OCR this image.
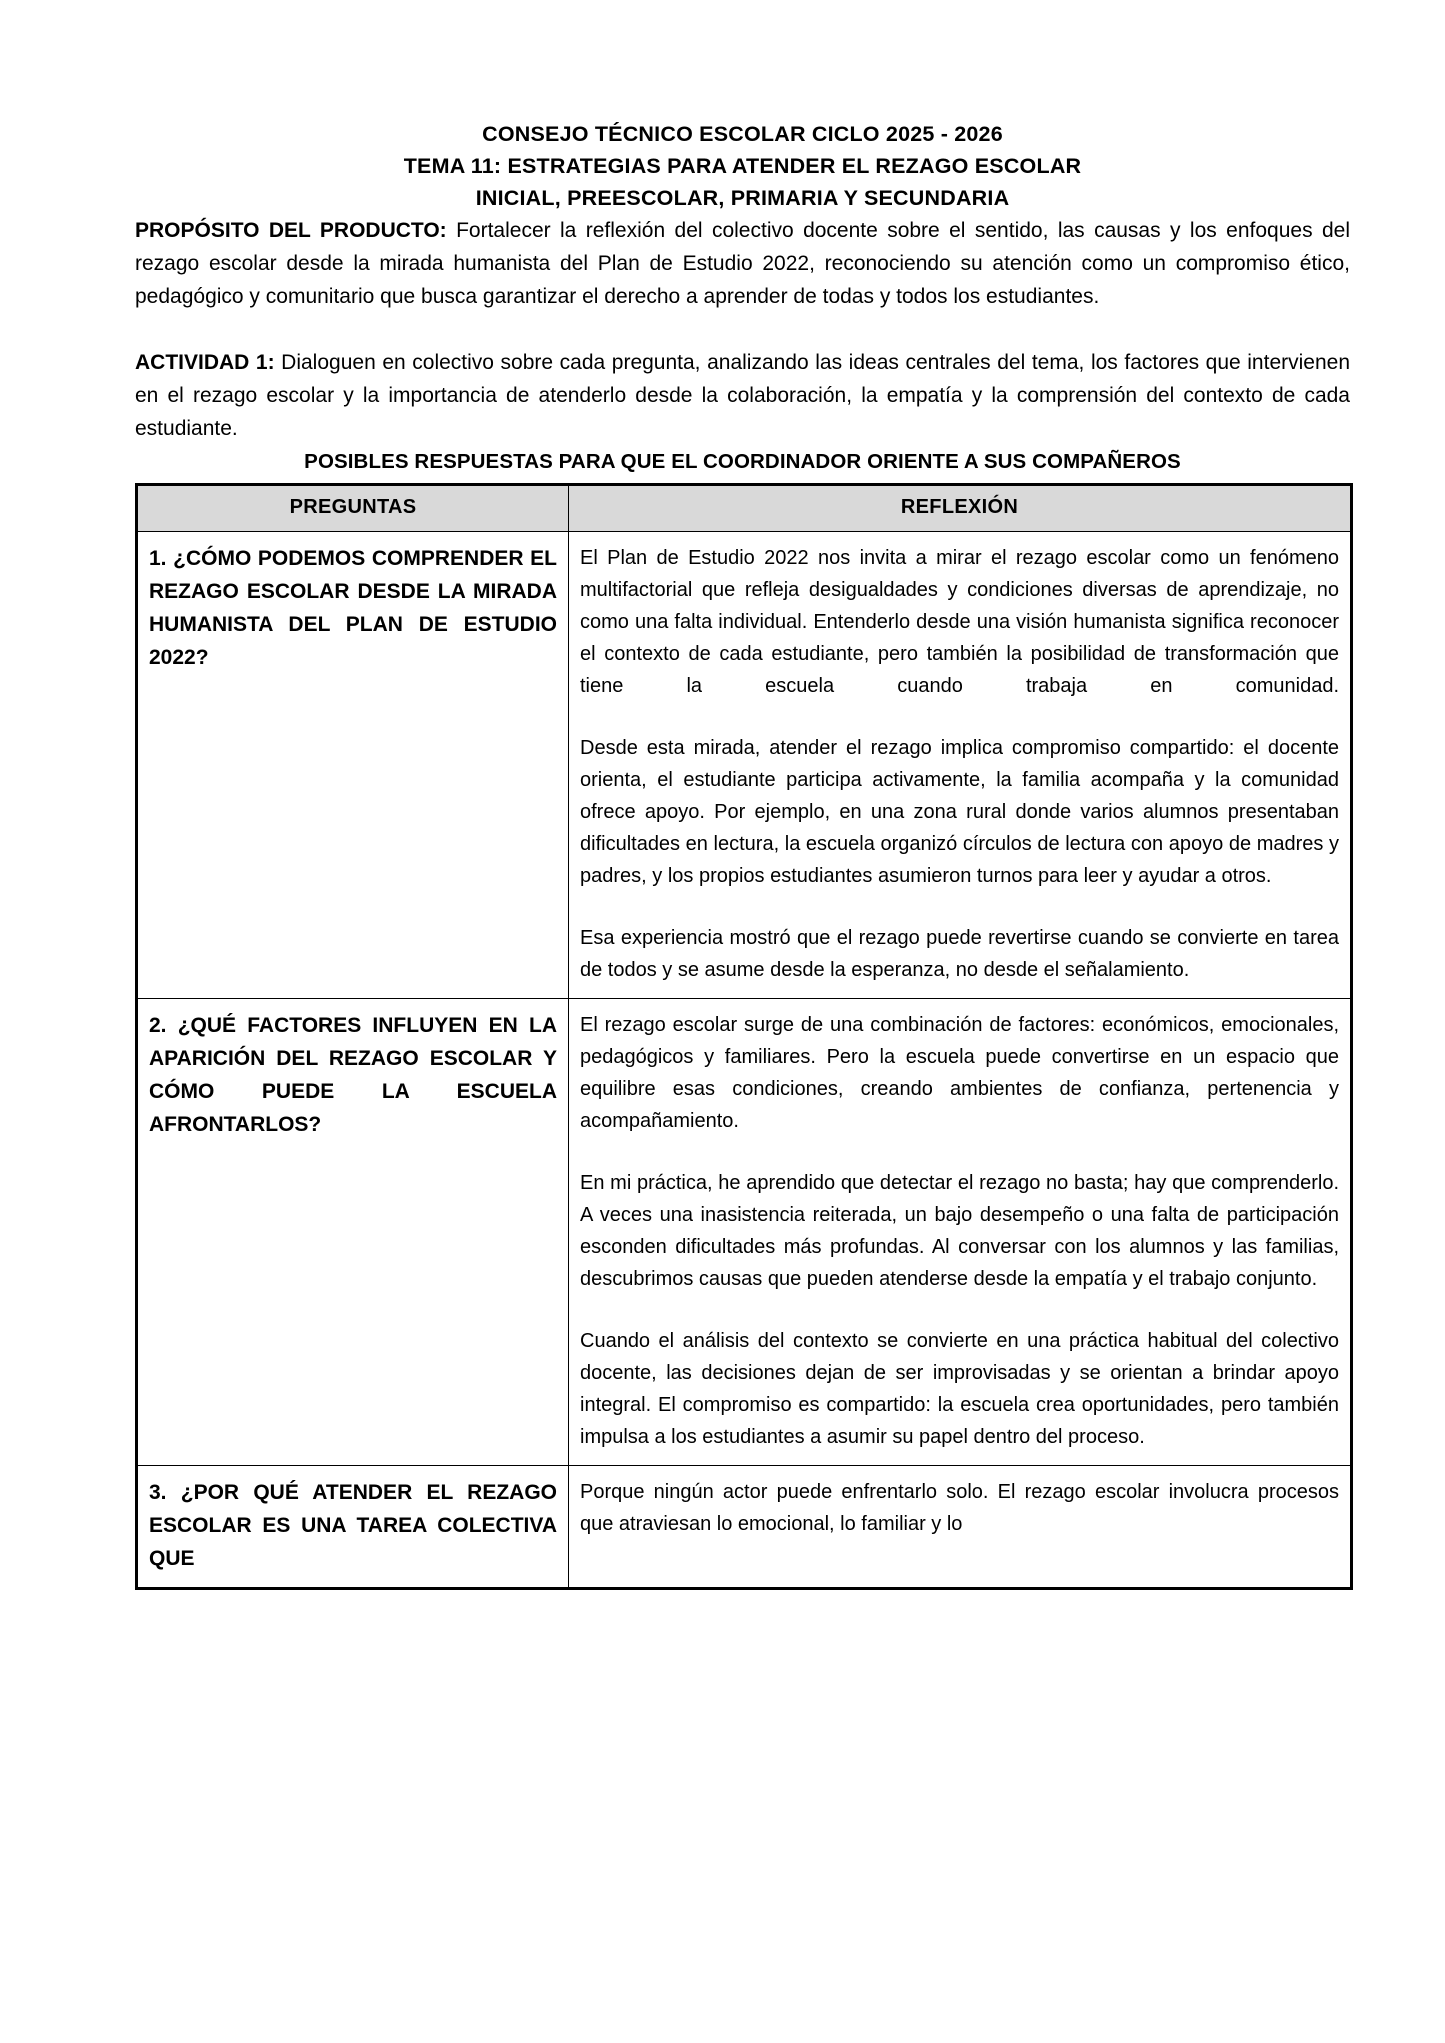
CONSEJO TÉCNICO ESCOLAR CICLO 2025 - 2026
TEMA 11: ESTRATEGIAS PARA ATENDER EL REZAGO ESCOLAR
INICIAL, PREESCOLAR, PRIMARIA Y SECUNDARIA

PROPÓSITO DEL PRODUCTO: Fortalecer la reflexión del colectivo docente sobre el sentido, las causas y los enfoques del rezago escolar desde la mirada humanista del Plan de Estudio 2022, reconociendo su atención como un compromiso ético, pedagógico y comunitario que busca garantizar el derecho a aprender de todas y todos los estudiantes.

ACTIVIDAD 1: Dialoguen en colectivo sobre cada pregunta, analizando las ideas centrales del tema, los factores que intervienen en el rezago escolar y la importancia de atenderlo desde la colaboración, la empatía y la comprensión del contexto de cada estudiante.

POSIBLES RESPUESTAS PARA QUE EL COORDINADOR ORIENTE A SUS COMPAÑEROS
PREGUNTAS	REFLEXIÓN

1. ¿CÓMO PODEMOS COMPRENDER EL REZAGO ESCOLAR DESDE LA MIRADA HUMANISTA DEL PLAN DE ESTUDIO 2022?	El Plan de Estudio 2022 nos invita a mirar el rezago escolar como un fenómeno multifactorial que refleja desigualdades y condiciones diversas de aprendizaje, no como una falta individual. Entenderlo desde una visión humanista significa reconocer el contexto de cada estudiante, pero también la posibilidad de transformación que tiene la escuela cuando trabaja en comunidad.

Desde esta mirada, atender el rezago implica compromiso compartido: el docente orienta, el estudiante participa activamente, la familia acompaña y la comunidad ofrece apoyo. Por ejemplo, en una zona rural donde varios alumnos presentaban dificultades en lectura, la escuela organizó círculos de lectura con apoyo de madres y padres, y los propios estudiantes asumieron turnos para leer y ayudar a otros.

Esa experiencia mostró que el rezago puede revertirse cuando se convierte en tarea de todos y se asume desde la esperanza, no desde el señalamiento.

2. ¿QUÉ FACTORES INFLUYEN EN LA APARICIÓN DEL REZAGO ESCOLAR Y CÓMO PUEDE LA ESCUELA AFRONTARLOS?	El rezago escolar surge de una combinación de factores: económicos, emocionales, pedagógicos y familiares. Pero la escuela puede convertirse en un espacio que equilibre esas condiciones, creando ambientes de confianza, pertenencia y acompañamiento.

En mi práctica, he aprendido que detectar el rezago no basta; hay que comprenderlo. A veces una inasistencia reiterada, un bajo desempeño o una falta de participación esconden dificultades más profundas. Al conversar con los alumnos y las familias, descubrimos causas que pueden atenderse desde la empatía y el trabajo conjunto.

Cuando el análisis del contexto se convierte en una práctica habitual del colectivo docente, las decisiones dejan de ser improvisadas y se orientan a brindar apoyo integral. El compromiso es compartido: la escuela crea oportunidades, pero también impulsa a los estudiantes a asumir su papel dentro del proceso.

3. ¿POR QUÉ ATENDER EL REZAGO ESCOLAR ES UNA TAREA COLECTIVA QUE	Porque ningún actor puede enfrentarlo solo. El rezago escolar involucra procesos que atraviesan lo emocional, lo familiar y lo
